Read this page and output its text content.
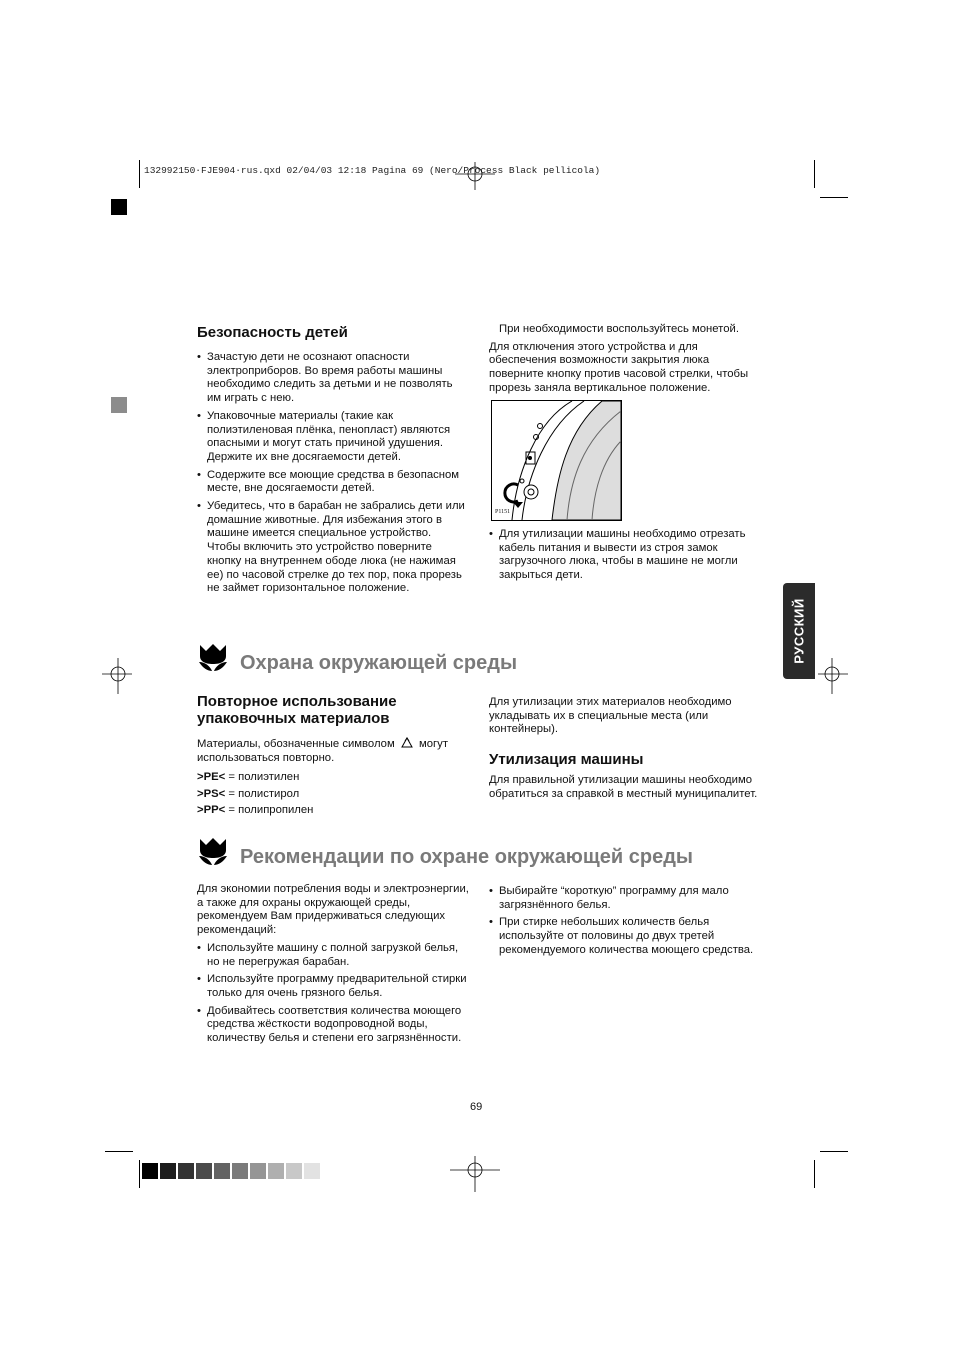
132992150·FJE904·rus.qxd 02/04/03 12:18 Pagina 69 (Nero/Process Black pellicola)
РУССКИЙ
Безопасность детей
• Зачастую дети не осознают опасности электроприборов. Во время работы машины необходимо следить за детьми и не позволять им играть с нею.
• Упаковочные материалы (такие как полиэтиленовая плёнка, пенопласт) являются опасными и могут стать причиной удушения. Держите их вне досягаемости детей.
• Содержите все моющие средства в безопасном месте, вне досягаемости детей.
• Убедитесь, что в барабан не забрались дети или домашние животные. Для избежания этого в машине имеется специальное устройство. Чтобы включить это устройство поверните кнопку на внутреннем ободе люка (не нажимая ее) по часовой стрелке до тех пор, пока прорезь не займет горизонтальное положение.

При необходимости воспользуйтесь монетой.

Для отключения этого устройства и для обеспечения возможности закрытия люка поверните кнопку против часовой стрелки, чтобы прорезь заняла вертикальное положение.

P1151
• Для утилизации машины необходимо отрезать кабель питания и вывести из строя замок загрузочного люка, чтобы в машине не могли закрыться дети.
Охрана окружающей среды
Повторное использование упаковочных материалов

Материалы, обозначенные символом могут использоваться повторно.

>PE< = полиэтилен

>PS< = полистирол

>PP< = полипропилен

Для утилизации этих материалов необходимо укладывать их в специальные места (или контейнеры).

Утилизация машины

Для правильной утилизации машины необходимо обратиться за справкой в местный муниципалитет.

Рекомендации по охране окружающей среды

Для экономии потребления воды и электроэнергии, а также для охраны окружающей среды, рекомендуем Вам придерживаться следующих рекомендаций:

• Используйте машину с полной загрузкой белья, но не перегружая барабан.
• Используйте программу предварительной стирки только для очень грязного белья.
• Добивайтесь соответствия количества моющего средства жёсткости водопроводной воды, количеству белья и степени его загрязнённости.
• Выбирайте “короткую” программу для мало загрязнённого белья.
• При стирке небольших количеств белья используйте от половины до двух третей рекомендуемого количества моющего средства.
69
